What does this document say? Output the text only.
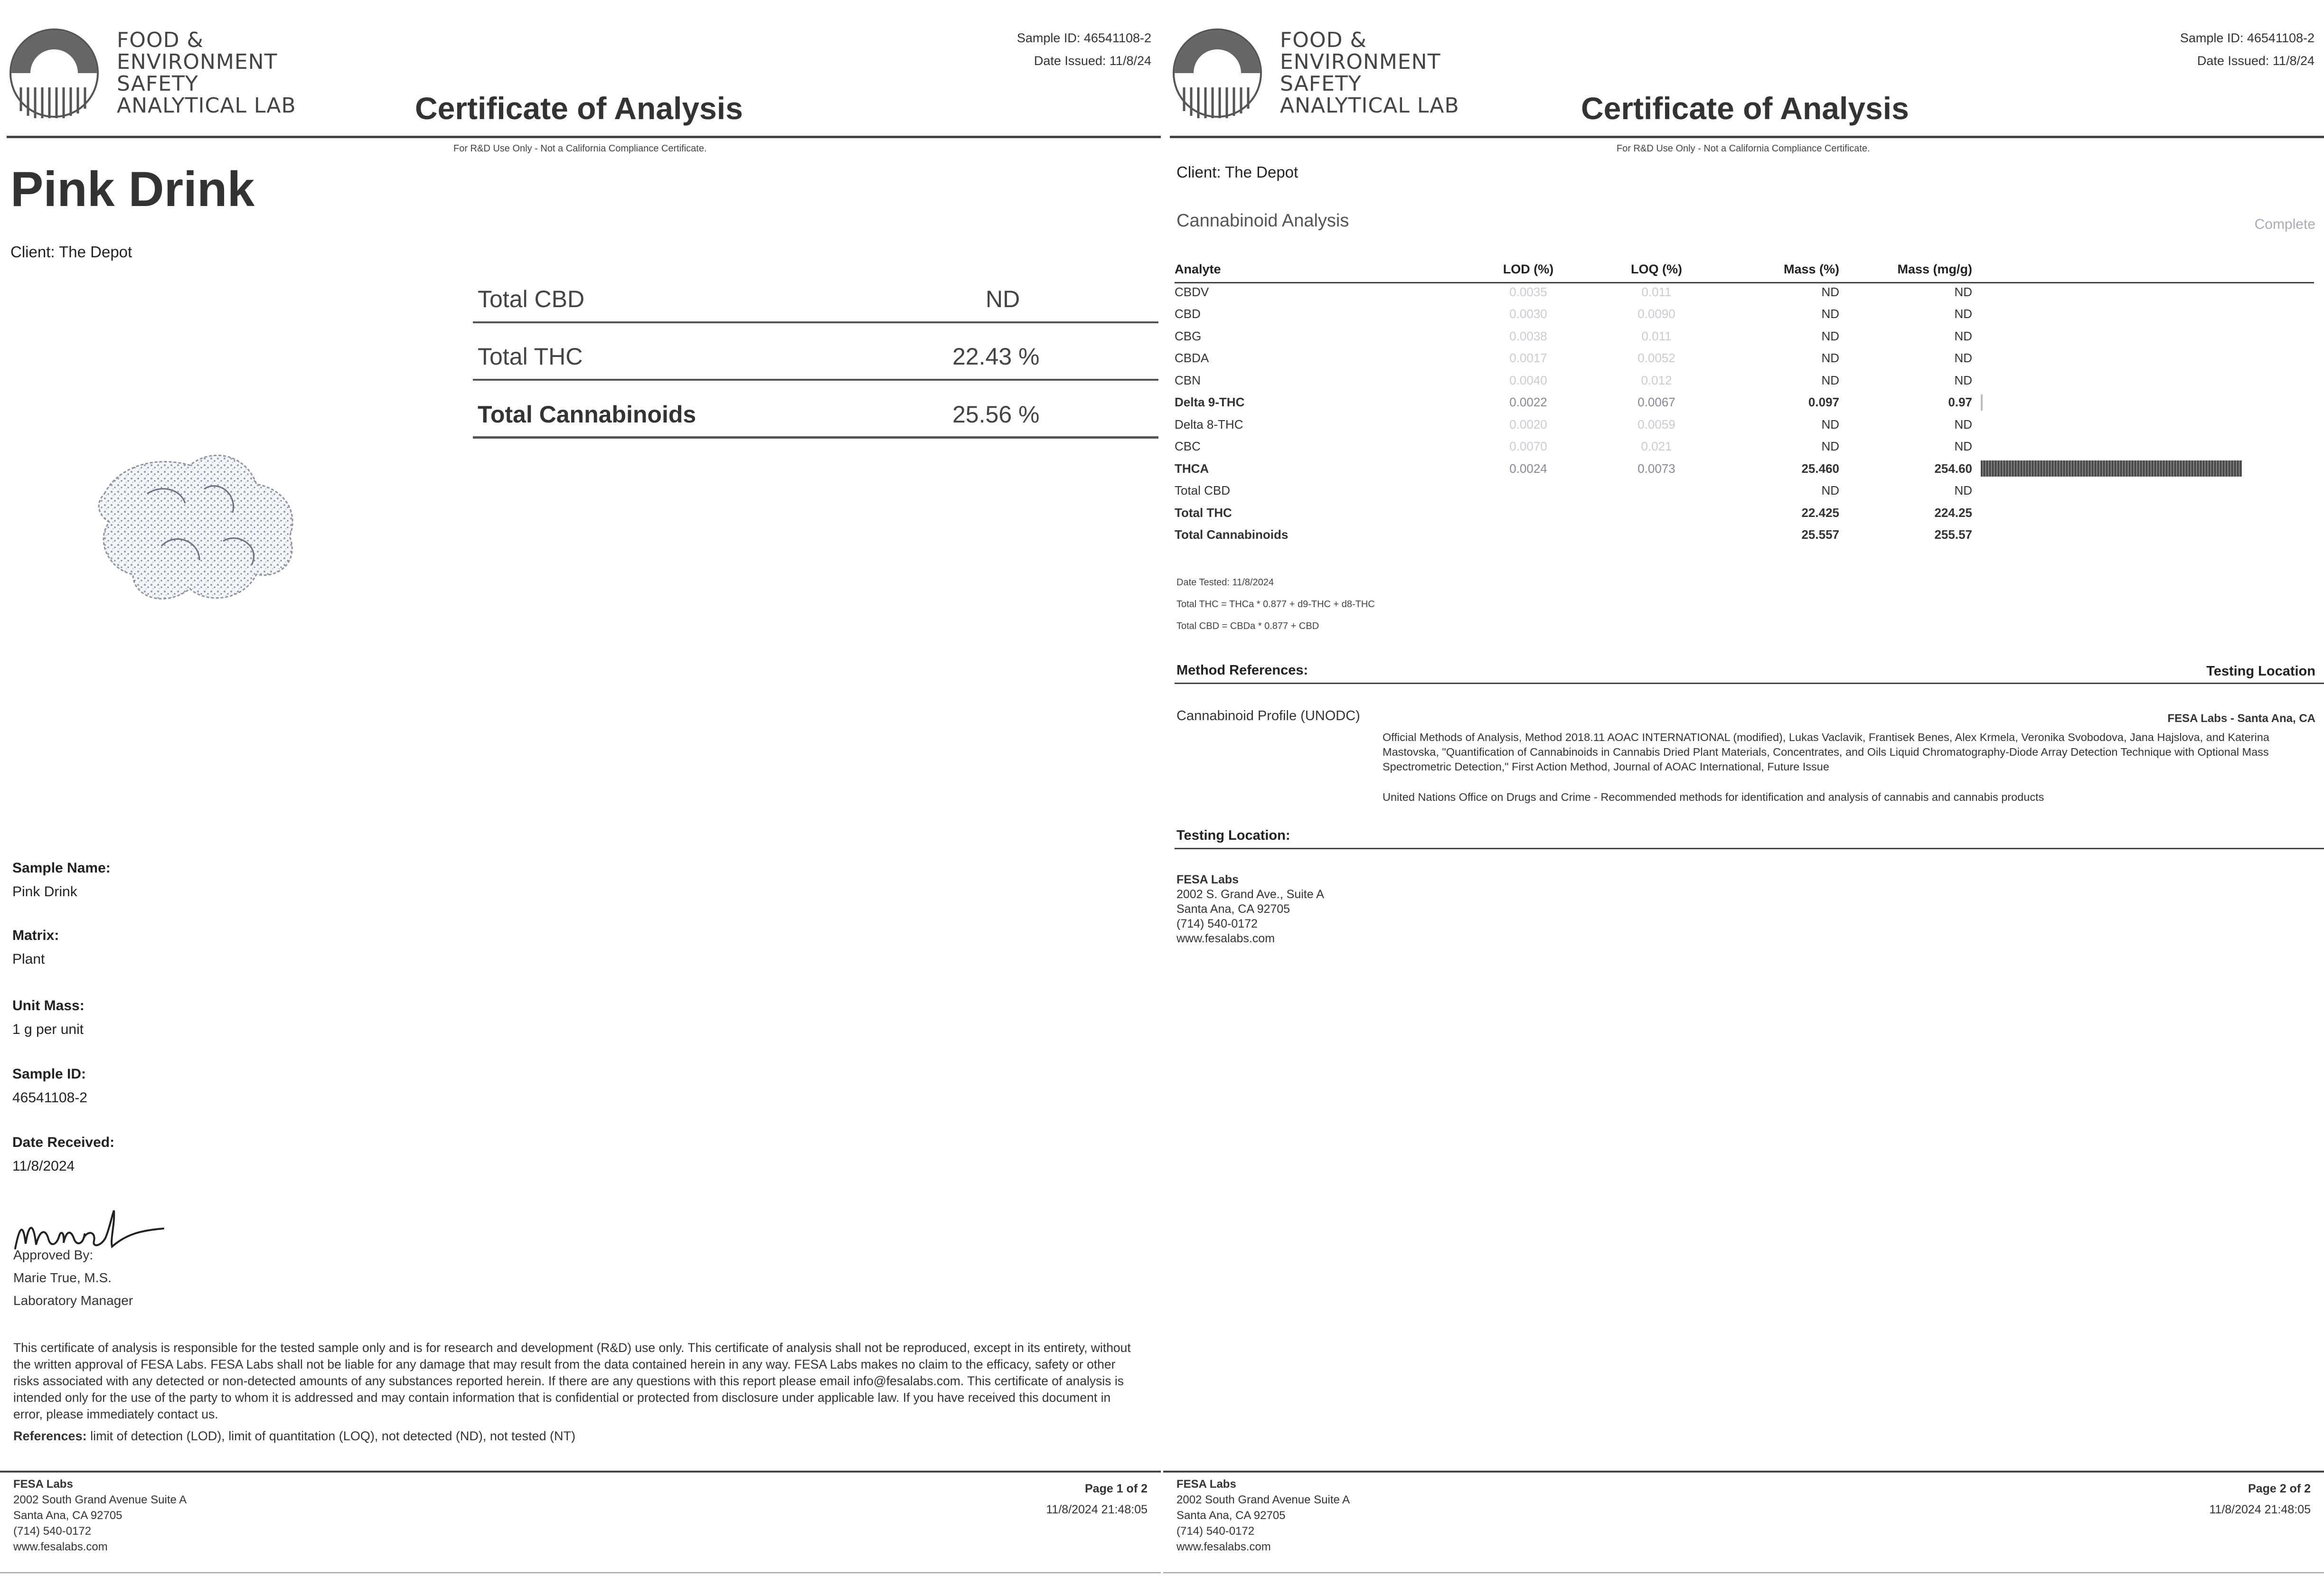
FOOD &
ENVIRONMENT
SAFETY
ANALYTICAL LAB
Sample ID: 46541108-2
Date Issued: 11/8/24
Certificate of Analysis
For R&D Use Only - Not a California Compliance Certificate.
Pink Drink
Client: The Depot
Total CBD	ND
Total THC	22.43 %
Total Cannabinoids	25.56 %
Sample Name:
Pink Drink
Matrix:
Plant
Unit Mass:
1 g per unit
Sample ID:
46541108-2
Date Received:
11/8/2024
Approved By:
Marie True, M.S.
Laboratory Manager
This certificate of analysis is responsible for the tested sample only and is for research and development (R&D) use only. This certificate of analysis shall not be reproduced, except in its entirety, without the written approval of FESA Labs. FESA Labs shall not be liable for any damage that may result from the data contained herein in any way. FESA Labs makes no claim to the efficacy, safety or other risks associated with any detected or non-detected amounts of any substances reported herein. If there are any questions with this report please email info@fesalabs.com. This certificate of analysis is intended only for the use of the party to whom it is addressed and may contain information that is confidential or protected from disclosure under applicable law. If you have received this document in error, please immediately contact us.
References: limit of detection (LOD), limit of quantitation (LOQ), not detected (ND), not tested (NT)
FESA Labs
2002 South Grand Avenue Suite A
Santa Ana, CA 92705
(714) 540-0172
www.fesalabs.com
Page 1 of 2
11/8/2024 21:48:05
FOOD &
ENVIRONMENT
SAFETY
ANALYTICAL LAB
Sample ID: 46541108-2
Date Issued: 11/8/24
Certificate of Analysis
For R&D Use Only - Not a California Compliance Certificate.
Client: The Depot
Cannabinoid Analysis	Complete
Analyte	LOD (%)	LOQ (%)	Mass (%)	Mass (mg/g)	
CBDV	0.0035	0.011	ND	ND	
CBD	0.0030	0.0090	ND	ND	
CBG	0.0038	0.011	ND	ND	
CBDA	0.0017	0.0052	ND	ND	
CBN	0.0040	0.012	ND	ND	
Delta 9-THC	0.0022	0.0067	0.097	0.97	
Delta 8-THC	0.0020	0.0059	ND	ND	
CBC	0.0070	0.021	ND	ND	
THCA	0.0024	0.0073	25.460	254.60	
Total CBD			ND	ND	
Total THC			22.425	224.25	
Total Cannabinoids			25.557	255.57	
Date Tested: 11/8/2024
Total THC = THCa * 0.877 + d9-THC + d8-THC
Total CBD = CBDa * 0.877 + CBD
Method References:	Testing Location
Cannabinoid Profile (UNODC)	FESA Labs - Santa Ana, CA
Official Methods of Analysis, Method 2018.11 AOAC INTERNATIONAL (modified), Lukas Vaclavik, Frantisek Benes, Alex Krmela, Veronika Svobodova, Jana Hajslova, and Katerina Mastovska, "Quantification of Cannabinoids in Cannabis Dried Plant Materials, Concentrates, and Oils Liquid Chromatography-Diode Array Detection Technique with Optional Mass Spectrometric Detection," First Action Method, Journal of AOAC International, Future Issue
United Nations Office on Drugs and Crime - Recommended methods for identification and analysis of cannabis and cannabis products
Testing Location:
FESA Labs
2002 S. Grand Ave., Suite A
Santa Ana, CA 92705
(714) 540-0172
www.fesalabs.com
FESA Labs
2002 South Grand Avenue Suite A
Santa Ana, CA 92705
(714) 540-0172
www.fesalabs.com
Page 2 of 2
11/8/2024 21:48:05
